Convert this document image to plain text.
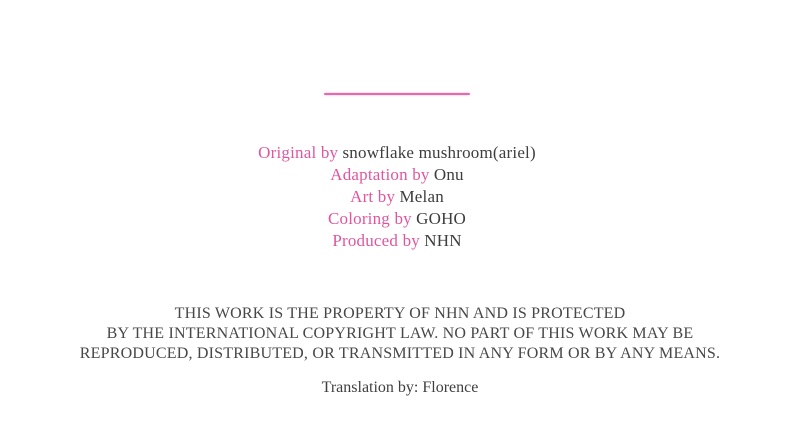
Original by snowflake mushroom(ariel)
Adaptation by Onu
Art by Melan
Coloring by GOHO
Produced by NHN
THIS WORK IS THE PROPERTY OF NHN AND IS PROTECTED
BY THE INTERNATIONAL COPYRIGHT LAW. NO PART OF THIS WORK MAY BE
REPRODUCED, DISTRIBUTED, OR TRANSMITTED IN ANY FORM OR BY ANY MEANS.
Translation by: Florence
